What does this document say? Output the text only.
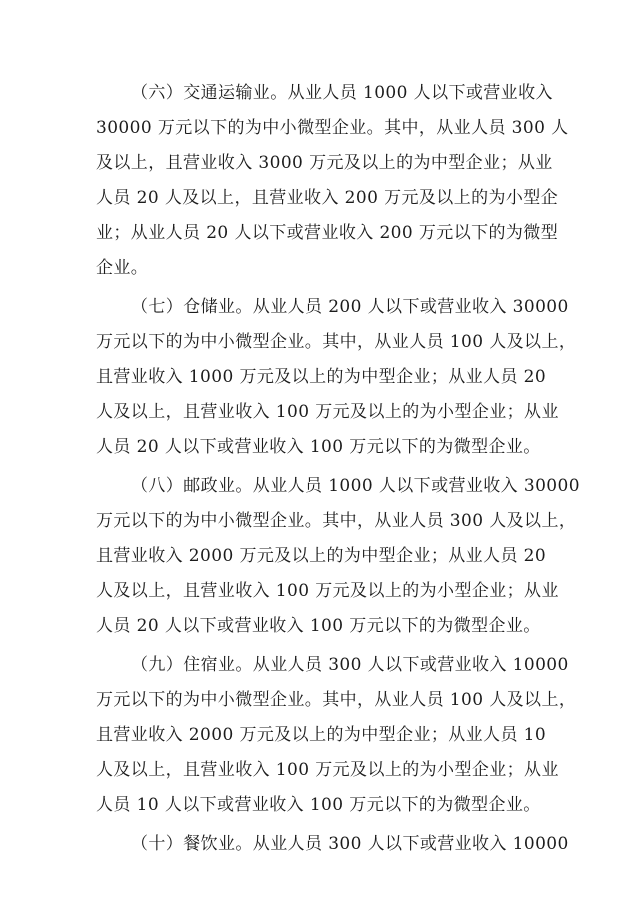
（六）交通运输业。从业人员 1000 人以下或营业收入
30000 万元以下的为中小微型企业。其中，从业人员 300 人
及以上，且营业收入 3000 万元及以上的为中型企业；从业
人员 20 人及以上，且营业收入 200 万元及以上的为小型企
业；从业人员 20 人以下或营业收入 200 万元以下的为微型
企业。
（七）仓储业。从业人员 200 人以下或营业收入 30000
万元以下的为中小微型企业。其中，从业人员 100 人及以上，
且营业收入 1000 万元及以上的为中型企业；从业人员 20
人及以上，且营业收入 100 万元及以上的为小型企业；从业
人员 20 人以下或营业收入 100 万元以下的为微型企业。
（八）邮政业。从业人员 1000 人以下或营业收入 30000
万元以下的为中小微型企业。其中，从业人员 300 人及以上，
且营业收入 2000 万元及以上的为中型企业；从业人员 20
人及以上，且营业收入 100 万元及以上的为小型企业；从业
人员 20 人以下或营业收入 100 万元以下的为微型企业。
（九）住宿业。从业人员 300 人以下或营业收入 10000
万元以下的为中小微型企业。其中，从业人员 100 人及以上，
且营业收入 2000 万元及以上的为中型企业；从业人员 10
人及以上，且营业收入 100 万元及以上的为小型企业；从业
人员 10 人以下或营业收入 100 万元以下的为微型企业。
（十）餐饮业。从业人员 300 人以下或营业收入 10000
